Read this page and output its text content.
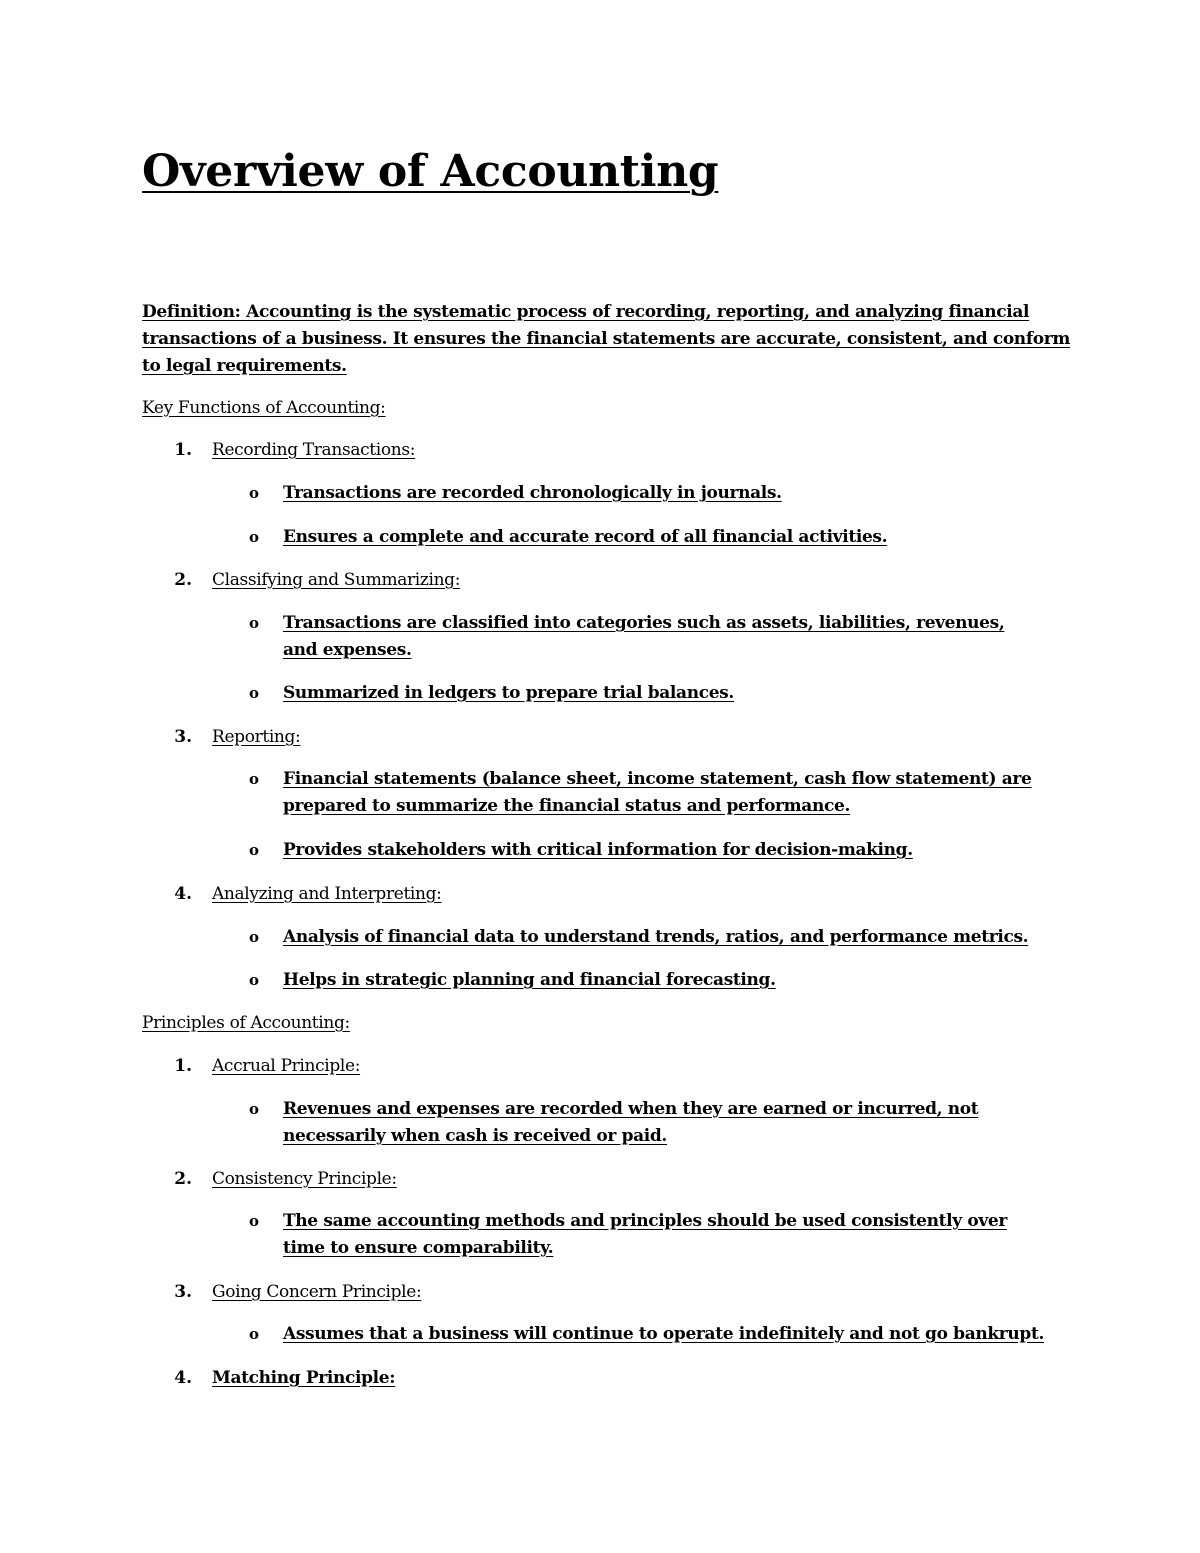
Overview of Accounting
Definition: Accounting is the systematic process of recording, reporting, and analyzing financial transactions of a business. It ensures the financial statements are accurate, consistent, and conform to legal requirements.
Key Functions of Accounting:
1. Recording Transactions:
o Transactions are recorded chronologically in journals.
o Ensures a complete and accurate record of all financial activities.
2. Classifying and Summarizing:
o Transactions are classified into categories such as assets, liabilities, revenues, and expenses.
o Summarized in ledgers to prepare trial balances.
3. Reporting:
o Financial statements (balance sheet, income statement, cash flow statement) are prepared to summarize the financial status and performance.
o Provides stakeholders with critical information for decision-making.
4. Analyzing and Interpreting:
o Analysis of financial data to understand trends, ratios, and performance metrics.
o Helps in strategic planning and financial forecasting.
Principles of Accounting:
1. Accrual Principle:
o Revenues and expenses are recorded when they are earned or incurred, not necessarily when cash is received or paid.
2. Consistency Principle:
o The same accounting methods and principles should be used consistently over time to ensure comparability.
3. Going Concern Principle:
o Assumes that a business will continue to operate indefinitely and not go bankrupt.
4. Matching Principle:
